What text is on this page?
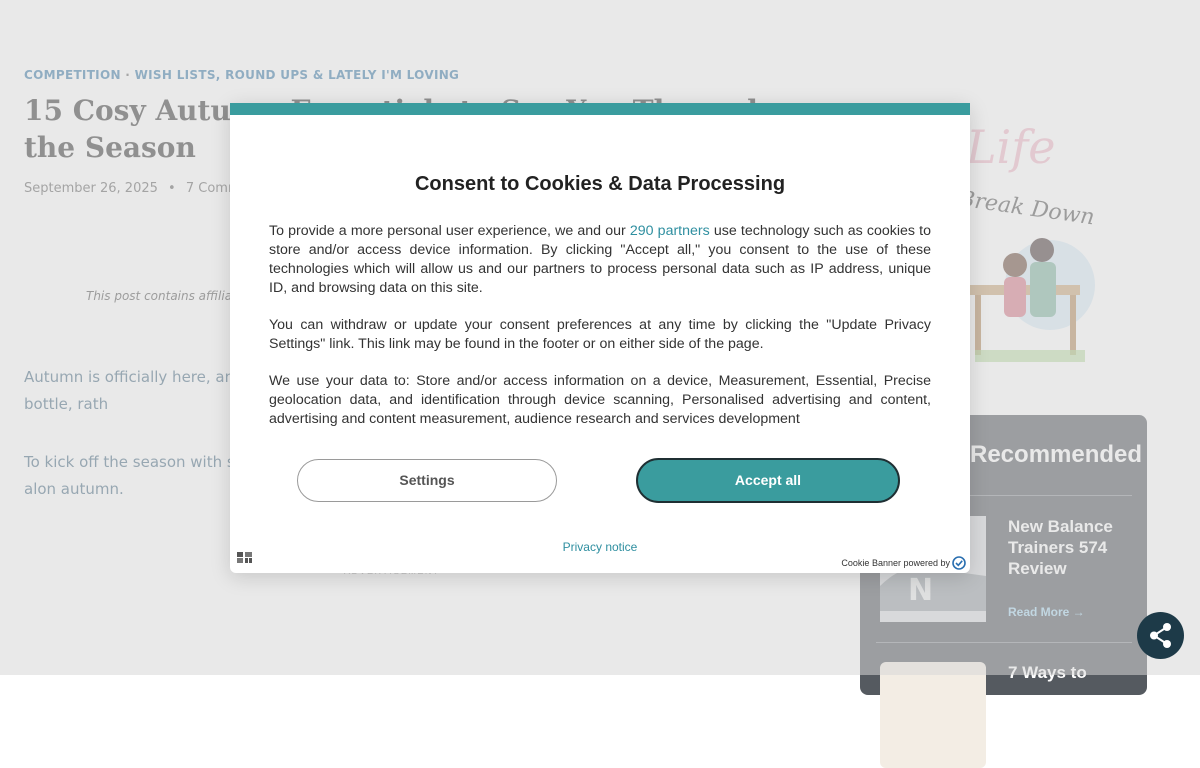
Consent to Cookies & Data Processing

To provide a more personal user experience, we and our 290 partners use technology such as cookies to store and/or access device information. By clicking "Accept all," you consent to the use of these technologies which will allow us and our partners to process personal data such as IP address, unique ID, and browsing data on this site.

You can withdraw or update your consent preferences at any time by clicking the "Update Privacy Settings" link. This link may be found in the footer or on either side of the page.

We use your data to: Store and/or access information on a device, Measurement, Essential, Precise geolocation data, and identification through device scanning, Personalised advertising and content, advertising and content measurement, audience research and services development

Settings	Accept all
Privacy notice
Cookie Banner powered by
